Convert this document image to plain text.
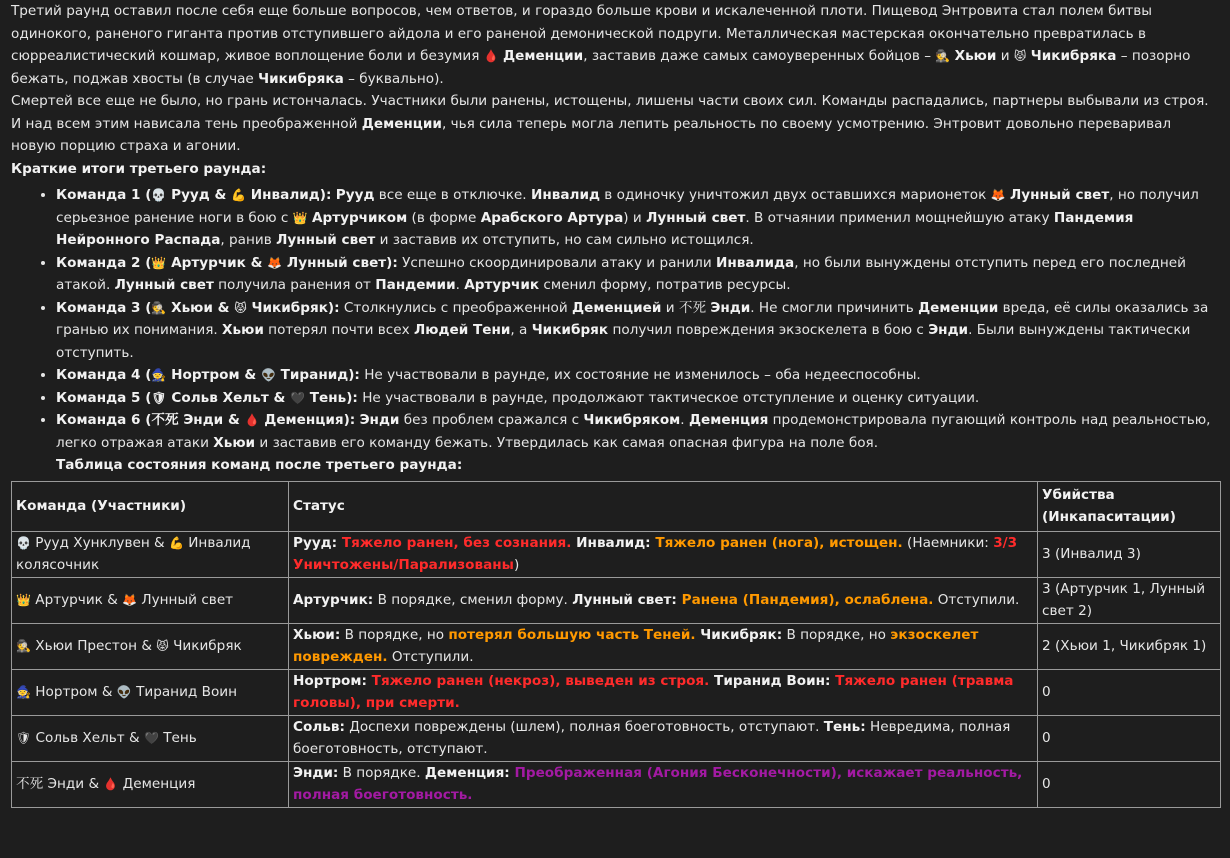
Третий раунд оставил после себя еще больше вопросов, чем ответов, и гораздо больше крови и искалеченной плоти. Пищевод Энтровита стал полем битвы одинокого, раненого гиганта против отступившего айдола и его раненой демонической подруги. Металлическая мастерская окончательно превратилась в сюрреалистический кошмар, живое воплощение боли и безумия 🩸 Деменции, заставив даже самых самоуверенных бойцов – 🕵 Хьюи и 😾 Чикибряка – позорно бежать, поджав хвосты (в случае Чикибряка – буквально).

Смертей все еще не было, но грань истончалась. Участники были ранены, истощены, лишены части своих сил. Команды распадались, партнеры выбывали из строя. И над всем этим нависала тень преображенной Деменции, чья сила теперь могла лепить реальность по своему усмотрению. Энтровит довольно переваривал новую порцию страха и агонии.

Краткие итоги третьего раунда:

• Команда 1 (💀 Рууд & 💪 Инвалид): Рууд все еще в отключке. Инвалид в одиночку уничтожил двух оставшихся марионеток 🦊 Лунный свет, но получил серьезное ранение ноги в бою с 👑 Артурчиком (в форме Арабского Артура) и Лунный свет. В отчаянии применил мощнейшую атаку Пандемия Нейронного Распада, ранив Лунный свет и заставив их отступить, но сам сильно истощился.
• Команда 2 (👑 Артурчик & 🦊 Лунный свет): Успешно скоординировали атаку и ранили Инвалида, но были вынуждены отступить перед его последней атакой. Лунный свет получила ранения от Пандемии. Артурчик сменил форму, потратив ресурсы.
• Команда 3 (🕵 Хьюи & 😾 Чикибряк): Столкнулись с преображенной Деменцией и 不死 Энди. Не смогли причинить Деменции вреда, её силы оказались за гранью их понимания. Хьюи потерял почти всех Людей Тени, а Чикибряк получил повреждения экзоскелета в бою с Энди. Были вынуждены тактически отступить.
• Команда 4 (🧙 Нортром & 👽 Тиранид): Не участвовали в раунде, их состояние не изменилось – оба недееспособны.
• Команда 5 (🛡 Сольв Хельт & 🖤 Тень): Не участвовали в раунде, продолжают тактическое отступление и оценку ситуации.
• Команда 6 (不死 Энди & 🩸 Деменция): Энди без проблем сражался с Чикибряком. Деменция продемонстрировала пугающий контроль над реальностью, легко отражая атаки Хьюи и заставив его команду бежать. Утвердилась как самая опасная фигура на поле боя.

Таблица состояния команд после третьего раунда:

Команда (Участники)	Статус	Убийства (Инкапаситации)
💀 Рууд Хунклувен & 💪 Инвалид колясочник	Рууд: Тяжело ранен, без сознания. Инвалид: Тяжело ранен (нога), истощен. (Наемники: 3/3 Уничтожены/Парализованы)	3 (Инвалид 3)
👑 Артурчик & 🦊 Лунный свет	Артурчик: В порядке, сменил форму. Лунный свет: Ранена (Пандемия), ослаблена. Отступили.	3 (Артурчик 1, Лунный свет 2)
🕵 Хьюи Престон & 😾 Чикибряк	Хьюи: В порядке, но потерял большую часть Теней. Чикибряк: В порядке, но экзоскелет поврежден. Отступили.	2 (Хьюи 1, Чикибряк 1)
🧙 Нортром & 👽 Тиранид Воин	Нортром: Тяжело ранен (некроз), выведен из строя. Тиранид Воин: Тяжело ранен (травма головы), при смерти.	0
🛡 Сольв Хельт & 🖤 Тень	Сольв: Доспехи повреждены (шлем), полная боеготовность, отступают. Тень: Невредима, полная боеготовность, отступают.	0
不死 Энди & 🩸 Деменция	Энди: В порядке. Деменция: Преображенная (Агония Бесконечности), искажает реальность, полная боеготовность.	0
